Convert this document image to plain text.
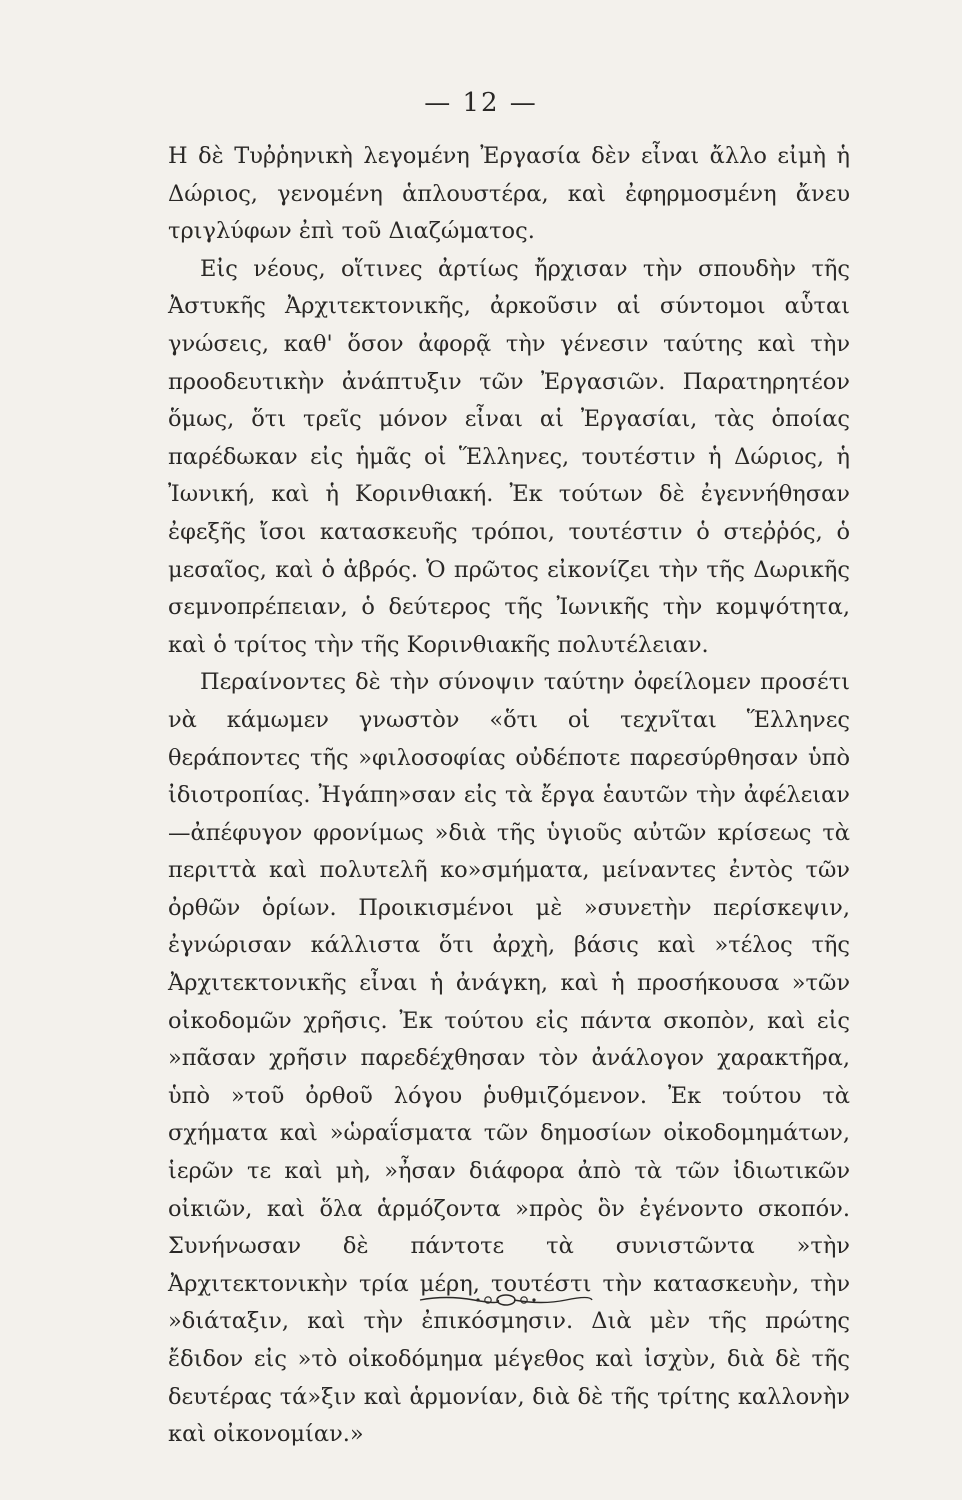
— 12 —

Η δὲ Τυῤῥηνικὴ λεγομένη Ἐργασία δὲν εἶναι ἄλλο εἰμὴ ἡ Δώριος, γενομένη ἁπλουστέρα, καὶ ἐφηρμοσμένη ἄνευ τριγλύφων ἐπὶ τοῦ Διαζώματος.

Εἰς νέους, οἵτινες ἀρτίως ἤρχισαν τὴν σπουδὴν τῆς Ἀστυκῆς Ἀρχιτεκτονικῆς, ἀρκοῦσιν αἱ σύντομοι αὗται γνώσεις, καθ' ὅσον ἀφορᾷ τὴν γένεσιν ταύτης καὶ τὴν προοδευτικὴν ἀνάπτυξιν τῶν Ἐργασιῶν. Παρατηρητέον ὅμως, ὅτι τρεῖς μόνον εἶναι αἱ Ἐργασίαι, τὰς ὁποίας παρέδωκαν εἰς ἡμᾶς οἱ Ἕλληνες, τουτέστιν ἡ Δώριος, ἡ Ἰωνική, καὶ ἡ Κορινθιακή. Ἐκ τούτων δὲ ἐγεννήθησαν ἐφεξῆς ἴσοι κατασκευῆς τρόποι, τουτέστιν ὁ στεῤῥός, ὁ μεσαῖος, καὶ ὁ ἁβρός. Ὁ πρῶτος εἰκονίζει τὴν τῆς Δωρικῆς σεμνοπρέπειαν, ὁ δεύτερος τῆς Ἰωνικῆς τὴν κομψότητα, καὶ ὁ τρίτος τὴν τῆς Κορινθιακῆς πολυτέλειαν.

Περαίνοντες δὲ τὴν σύνοψιν ταύτην ὀφείλομεν προσέτι νὰ κάμωμεν γνωστὸν «ὅτι οἱ τεχνῖται Ἕλληνες θεράποντες τῆς »φιλοσοφίας οὐδέποτε παρεσύρθησαν ὑπὸ ἰδιοτροπίας. Ἠγάπη»σαν εἰς τὰ ἔργα ἑαυτῶν τὴν ἀφέλειαν—ἀπέφυγον φρονίμως »διὰ τῆς ὑγιοῦς αὐτῶν κρίσεως τὰ περιττὰ καὶ πολυτελῆ κο»σμήματα, μείναντες ἐντὸς τῶν ὀρθῶν ὁρίων. Προικισμένοι μὲ »συνετὴν περίσκεψιν, ἐγνώρισαν κάλλιστα ὅτι ἀρχὴ, βάσις καὶ »τέλος τῆς Ἀρχιτεκτονικῆς εἶναι ἡ ἀνάγκη, καὶ ἡ προσήκουσα »τῶν οἰκοδομῶν χρῆσις. Ἐκ τούτου εἰς πάντα σκοπὸν, καὶ εἰς »πᾶσαν χρῆσιν παρεδέχθησαν τὸν ἀνάλογον χαρακτῆρα, ὑπὸ »τοῦ ὀρθοῦ λόγου ῥυθμιζόμενον. Ἐκ τούτου τὰ σχήματα καὶ »ὡραΐσματα τῶν δημοσίων οἰκοδομημάτων, ἱερῶν τε καὶ μὴ, »ἦσαν διάφορα ἀπὸ τὰ τῶν ἰδιωτικῶν οἰκιῶν, καὶ ὅλα ἁρμόζοντα »πρὸς ὃν ἐγένοντο σκοπόν. Συνήνωσαν δὲ πάντοτε τὰ συνιστῶντα »τὴν Ἀρχιτεκτονικὴν τρία μέρη, τουτέστι τὴν κατασκευὴν, τὴν »διάταξιν, καὶ τὴν ἐπικόσμησιν. Διὰ μὲν τῆς πρώτης ἔδιδον εἰς »τὸ οἰκοδόμημα μέγεθος καὶ ἰσχὺν, διὰ δὲ τῆς δευτέρας τά»ξιν καὶ ἁρμονίαν, διὰ δὲ τῆς τρίτης καλλονὴν καὶ οἰκονομίαν.»
